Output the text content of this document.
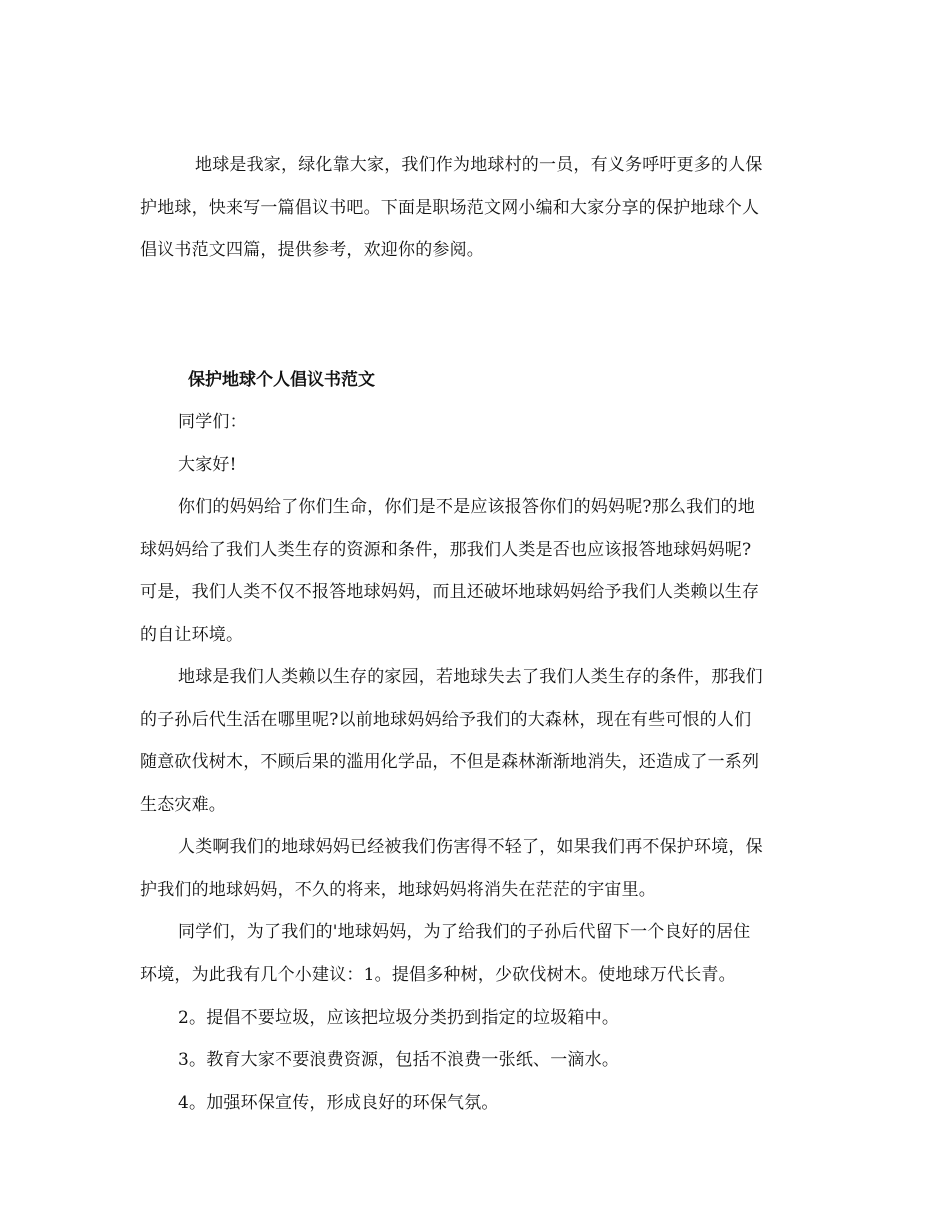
地球是我家，绿化靠大家，我们作为地球村的一员，有义务呼吁更多的人保
护地球，快来写一篇倡议书吧。下面是职场范文网小编和大家分享的保护地球个人
倡议书范文四篇，提供参考，欢迎你的参阅。
保护地球个人倡议书范文
同学们：
大家好!
你们的妈妈给了你们生命，你们是不是应该报答你们的妈妈呢?那么我们的地
球妈妈给了我们人类生存的资源和条件，那我们人类是否也应该报答地球妈妈呢?
可是，我们人类不仅不报答地球妈妈，而且还破坏地球妈妈给予我们人类赖以生存
的自让环境。
地球是我们人类赖以生存的家园，若地球失去了我们人类生存的条件，那我们
的子孙后代生活在哪里呢?以前地球妈妈给予我们的大森林，现在有些可恨的人们
随意砍伐树木，不顾后果的滥用化学品，不但是森林渐渐地消失，还造成了一系列
生态灾难。
人类啊我们的地球妈妈已经被我们伤害得不轻了，如果我们再不保护环境，保
护我们的地球妈妈，不久的将来，地球妈妈将消失在茫茫的宇宙里。
同学们，为了我们的'地球妈妈，为了给我们的子孙后代留下一个良好的居住
环境，为此我有几个小建议：1。提倡多种树，少砍伐树木。使地球万代长青。
2。提倡不要垃圾，应该把垃圾分类扔到指定的垃圾箱中。
3。教育大家不要浪费资源，包括不浪费一张纸、一滴水。
4。加强环保宣传，形成良好的环保气氛。
